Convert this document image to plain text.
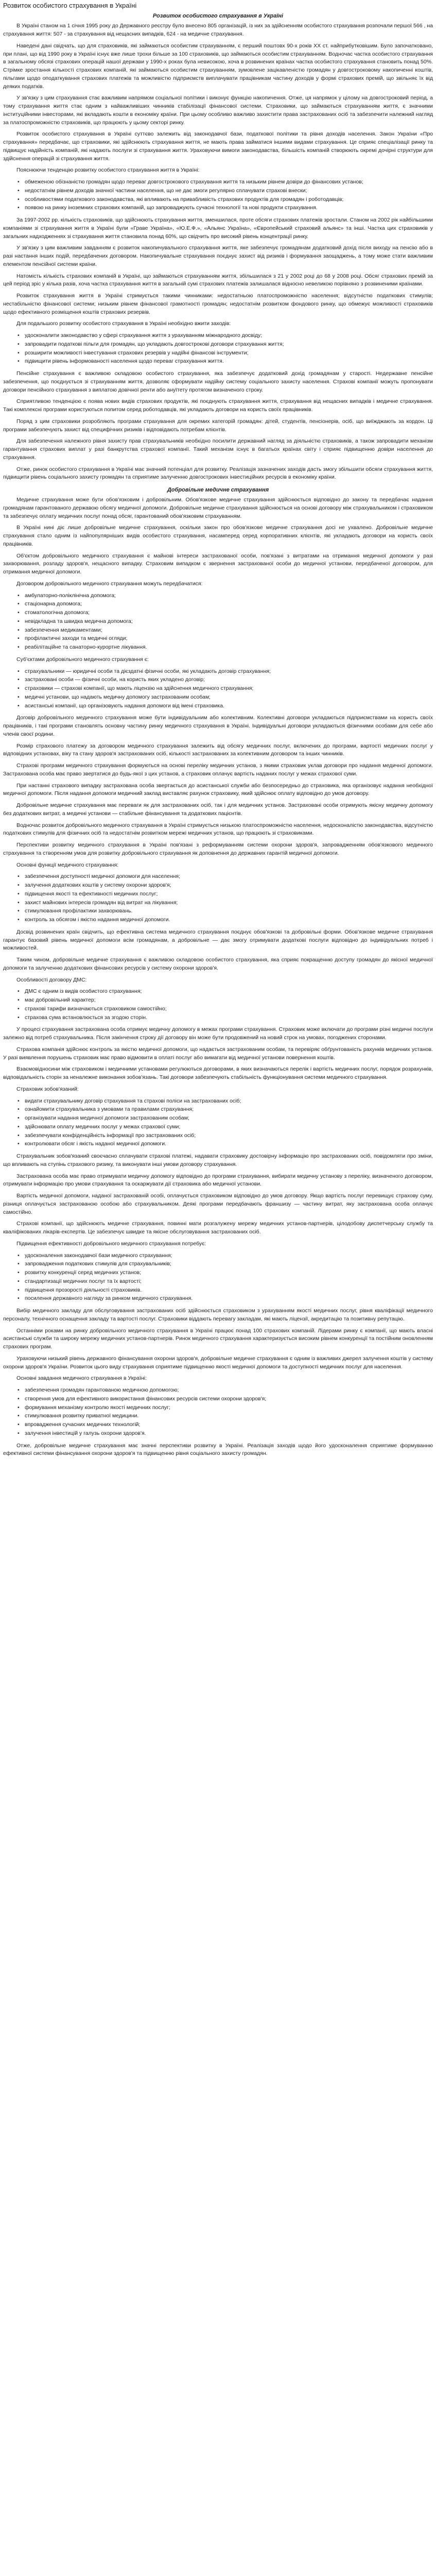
Розвиток особистого страхування в Україні
Розвиток особистого страхування в Україні

В Україні станом на 1 січня 1995 року до Державного реєстру було внесено 805 організацій, із них за здійсненням особистого страхування розпочали першої 566 , на страхування життя: 507 - за страхування від нещасних випадків, 624 - на медичне страхування.

Наведені дані свідчать, що для страховиків, які займаються особистим страхуванням, є перший поштовх 90-х років XX ст. найприбутковішим. Було започатковано, при плані, що від 1990 року в Україні існує вже лише трохи більше за 100 страховиків, що займаються особистим страхуванням. Водночас частка особистого страхування в загальному обсязі страхових операцій нашої держави у 1990-х роках була невисокою, хоча в розвинених країнах частка особистого страхування становить понад 50%. Стрімке зростання кількості страхових компаній, які займаються особистим страхуванням, зумовлене зацікавленістю громадян у довгостроковому накопиченні коштів, пільгами щодо оподаткування страхових платежів та можливістю підприємств виплачувати працівникам частину доходів у формі страхових премій, що звільняє їх від деяких податків.

У зв'язку з цим страхування стає важливим напрямом соціальної політики і виконує функцію накопичення. Отже, ця напрямок у цілому на довгостроковий період, а тому страхування життя стає одним з найважливіших чинників стабілізації фінансової системи. Страховики, що займаються страхуванням життя, є значними інституційними інвесторами, які вкладають кошти в економіку країни. При цьому особливо важливо захистити права застрахованих осіб та забезпечити належний нагляд за платоспроможністю страховиків, що працюють у цьому секторі ринку.

Розвиток особистого страхування в Україні суттєво залежить від законодавчої бази, податкової політики та рівня доходів населення. Закон України «Про страхування» передбачає, що страховики, які здійснюють страхування життя, не мають права займатися іншими видами страхування. Це сприяє спеціалізації ринку та підвищує надійність компаній, які надають послуги зі страхування життя. Ураховуючи вимоги законодавства, більшість компаній створюють окремі дочірні структури для здійснення операцій зі страхування життя.

Пояснюючи тенденцію розвитку особистого страхування життя в Україні:

• обмеженою обізнаністю громадян щодо переваг довгострокового страхування життя та низьким рівнем довіри до фінансових установ;
• недостатнім рівнем доходів значної частини населення, що не дає змоги регулярно сплачувати страхові внески;
• особливостями податкового законодавства, які впливають на привабливість страхових продуктів для громадян і роботодавців;
• появою на ринку іноземних страхових компаній, що запроваджують сучасні технології та нові продукти страхування.

За 1997-2002 рр. кількість страховиків, що здійснюють страхування життя, зменшилася, проте обсяги страхових платежів зростали. Станом на 2002 рік найбільшими компаніями зі страхування життя в Україні були «Граве Україна», «Ю.Е.Ф.», «Альянс Україна», «Європейський страховий альянс» та інші. Частка цих страховиків у загальних надходженнях зі страхування життя становила понад 60%, що свідчить про високий рівень концентрації ринку.

У зв'язку з цим важливим завданням є розвиток накопичувального страхування життя, яке забезпечує громадянам додатковий дохід після виходу на пенсію або в разі настання інших подій, передбачених договором. Накопичувальне страхування поєднує захист від ризиків і формування заощаджень, а тому може стати важливим елементом пенсійної системи країни.

Натомість кількість страхових компаній в Україні, що займаються страхуванням життя, збільшилася з 21 у 2002 році до 68 у 2008 році. Обсяг страхових премій за цей період зріс у кілька разів, хоча частка страхування життя в загальній сумі страхових платежів залишалася відносно невеликою порівняно з розвиненими країнами.

Розвиток страхування життя в Україні стримується такими чинниками: недостатньою платоспроможністю населення; відсутністю податкових стимулів; нестабільністю фінансової системи; низьким рівнем фінансової грамотності громадян; недостатнім розвитком фондового ринку, що обмежує можливості страховиків щодо ефективного розміщення коштів страхових резервів.

Для подальшого розвитку особистого страхування в Україні необхідно вжити заходів:

• удосконалити законодавство у сфері страхування життя з урахуванням міжнародного досвіду;
• запровадити податкові пільги для громадян, що укладають довгострокові договори страхування життя;
• розширити можливості інвестування страхових резервів у надійні фінансові інструменти;
• підвищити рівень інформованості населення щодо переваг страхування життя.

Пенсійне страхування є важливою складовою особистого страхування, яка забезпечує додатковий дохід громадянам у старості. Недержавне пенсійне забезпечення, що поєднується зі страхуванням життя, дозволяє сформувати надійну систему соціального захисту населення. Страхові компанії можуть пропонувати договори пенсійного страхування з виплатою довічної ренти або ануїтету протягом визначеного строку.

Сприятливою тенденцією є поява нових видів страхових продуктів, які поєднують страхування життя, страхування від нещасних випадків і медичне страхування. Такі комплексні програми користуються попитом серед роботодавців, які укладають договори на користь своїх працівників.

Поряд з цим страховики розробляють програми страхування для окремих категорій громадян: дітей, студентів, пенсіонерів, осіб, що виїжджають за кордон. Ці програми забезпечують захист від специфічних ризиків і відповідають потребам клієнтів.

Для забезпечення належного рівня захисту прав страхувальників необхідно посилити державний нагляд за діяльністю страховиків, а також запровадити механізм гарантування страхових виплат у разі банкрутства страхової компанії. Такий механізм існує в багатьох країнах світу і сприяє підвищенню довіри населення до страхування.

Отже, ринок особистого страхування в Україні має значний потенціал для розвитку. Реалізація зазначених заходів дасть змогу збільшити обсяги страхування життя, підвищити рівень соціального захисту громадян та сприятиме залученню довгострокових інвестиційних ресурсів в економіку країни.

Добровільне медичне страхування

Медичне страхування може бути обов'язковим і добровільним. Обов'язкове медичне страхування здійснюється відповідно до закону та передбачає надання громадянам гарантованого державою обсягу медичної допомоги. Добровільне медичне страхування здійснюється на основі договору між страхувальником і страховиком та забезпечує оплату медичних послуг понад обсяг, гарантований обов'язковим страхуванням.

В Україні нині діє лише добровільне медичне страхування, оскільки закон про обов'язкове медичне страхування досі не ухвалено. Добровільне медичне страхування стало одним із найпопулярніших видів особистого страхування, насамперед серед корпоративних клієнтів, які укладають договори на користь своїх працівників.

Об'єктом добровільного медичного страхування є майнові інтереси застрахованої особи, пов'язані з витратами на отримання медичної допомоги у разі захворювання, розладу здоров'я, нещасного випадку. Страховим випадком є звернення застрахованої особи до медичної установи, передбаченої договором, для отримання медичної допомоги.

Договором добровільного медичного страхування можуть передбачатися:

• амбулаторно-поліклінічна допомога;
• стаціонарна допомога;
• стоматологічна допомога;
• невідкладна та швидка медична допомога;
• забезпечення медикаментами;
• профілактичні заходи та медичні огляди;
• реабілітаційне та санаторно-курортне лікування.

Суб'єктами добровільного медичного страхування є:

• страхувальники — юридичні особи та дієздатні фізичні особи, які укладають договір страхування;
• застраховані особи — фізичні особи, на користь яких укладено договір;
• страховики — страхові компанії, що мають ліцензію на здійснення медичного страхування;
• медичні установи, що надають медичну допомогу застрахованим особам;
• асистанські компанії, що організовують надання допомоги від імені страховика.

Договір добровільного медичного страхування може бути індивідуальним або колективним. Колективні договори укладаються підприємствами на користь своїх працівників, і такі програми становлять основну частину ринку медичного страхування в Україні. Індивідуальні договори укладаються фізичними особами для себе або членів своєї родини.

Розмір страхового платежу за договором медичного страхування залежить від обсягу медичних послуг, включених до програми, вартості медичних послуг у відповідних установах, віку та стану здоров'я застрахованих осіб, кількості застрахованих за колективним договором та інших чинників.

Страхові програми медичного страхування формуються на основі переліку медичних установ, з якими страховик уклав договори про надання медичної допомоги. Застрахована особа має право звертатися до будь-якої з цих установ, а страховик оплачує вартість наданих послуг у межах страхової суми.

При настанні страхового випадку застрахована особа звертається до асистанської служби або безпосередньо до страховика, яка організовує надання необхідної медичної допомоги. Після надання допомоги медичний заклад виставляє рахунок страховику, який здійснює оплату відповідно до умов договору.

Добровільне медичне страхування має переваги як для застрахованих осіб, так і для медичних установ. Застраховані особи отримують якісну медичну допомогу без додаткових витрат, а медичні установи — стабільне фінансування та додаткових пацієнтів.

Водночас розвиток добровільного медичного страхування в Україні стримується низькою платоспроможністю населення, недосконалістю законодавства, відсутністю податкових стимулів для фізичних осіб та недостатнім розвитком мережі медичних установ, що працюють зі страховиками.

Перспективи розвитку медичного страхування в Україні пов'язані з реформуванням системи охорони здоров'я, запровадженням обов'язкового медичного страхування та створенням умов для розвитку добровільного страхування як доповнення до державних гарантій медичної допомоги.

Основні функції медичного страхування:

• забезпечення доступності медичної допомоги для населення;
• залучення додаткових коштів у систему охорони здоров'я;
• підвищення якості та ефективності медичних послуг;
• захист майнових інтересів громадян від витрат на лікування;
• стимулювання профілактики захворювань.
• контроль за обсягом і якістю надання медичної допомоги.

Досвід розвинених країн свідчить, що ефективна система медичного страхування поєднує обов'язкові та добровільні форми. Обов'язкове медичне страхування гарантує базовий рівень медичної допомоги всім громадянам, а добровільне — дає змогу отримувати додаткові послуги відповідно до індивідуальних потреб і можливостей.

Таким чином, добровільне медичне страхування є важливою складовою особистого страхування, яка сприяє покращенню доступу громадян до якісної медичної допомоги та залученню додаткових фінансових ресурсів у систему охорони здоров'я.

Особливості договору ДМС:

• ДМС є одним із видів особистого страхування;
• має добровільний характер;
• страхові тарифи визначаються страховиком самостійно;
• страхова сума встановлюється за згодою сторін.

У процесі страхування застрахована особа отримує медичну допомогу в межах програми страхування. Страховик може включати до програми різні медичні послуги залежно від потреб страхувальника. Після закінчення строку дії договору він може бути продовжений на новий строк на умовах, погоджених сторонами.

Страхова компанія здійснює контроль за якістю медичної допомоги, що надається застрахованим особам, та перевіряє обґрунтованість рахунків медичних установ. У разі виявлення порушень страховик має право відмовити в оплаті послуг або вимагати від медичної установи повернення коштів.

Взаємовідносини між страховиком і медичними установами регулюються договорами, в яких визначаються перелік і вартість медичних послуг, порядок розрахунків, відповідальність сторін за неналежне виконання зобов'язань. Такі договори забезпечують стабільність функціонування системи медичного страхування.

Страховик зобов'язаний:

• видати страхувальнику договір страхування та страхові поліси на застрахованих осіб;
• ознайомити страхувальника з умовами та правилами страхування;
• організувати надання медичної допомоги застрахованим особам;
• здійснювати оплату медичних послуг у межах страхової суми;
• забезпечувати конфіденційність інформації про застрахованих осіб;
• контролювати обсяг і якість наданої медичної допомоги.

Страхувальник зобов'язаний своєчасно сплачувати страхові платежі, надавати страховику достовірну інформацію про застрахованих осіб, повідомляти про зміни, що впливають на ступінь страхового ризику, та виконувати інші умови договору страхування.

Застрахована особа має право отримувати медичну допомогу відповідно до програми страхування, вибирати медичну установу з переліку, визначеного договором, отримувати інформацію про умови страхування та оскаржувати дії страховика або медичної установи.

Вартість медичної допомоги, наданої застрахованій особі, оплачується страховиком відповідно до умов договору. Якщо вартість послуг перевищує страхову суму, різниця оплачується застрахованою особою або страхувальником. Деякі програми передбачають франшизу — частину витрат, яку застрахована особа оплачує самостійно.

Страхові компанії, що здійснюють медичне страхування, повинні мати розгалужену мережу медичних установ-партнерів, цілодобову диспетчерську службу та кваліфікованих лікарів-експертів. Це забезпечує швидке та якісне обслуговування застрахованих осіб.

Підвищення ефективності добровільного медичного страхування потребує:

• удосконалення законодавчої бази медичного страхування;
• запровадження податкових стимулів для страхувальників;
• розвитку конкуренції серед медичних установ;
• стандартизації медичних послуг та їх вартості;
• підвищення прозорості діяльності страховиків.
• посилення державного нагляду за ринком медичного страхування.

Вибір медичного закладу для обслуговування застрахованих осіб здійснюється страховиком з урахуванням якості медичних послуг, рівня кваліфікації медичного персоналу, технічного оснащення закладу та вартості послуг. Страховики віддають перевагу закладам, які мають ліцензії, акредитацію та позитивну репутацію.

Останніми роками на ринку добровільного медичного страхування в Україні працює понад 100 страхових компаній. Лідерами ринку є компанії, що мають власні асистанські служби та широку мережу медичних установ-партнерів. Ринок медичного страхування характеризується високим рівнем конкуренції та постійним оновленням страхових програм.

Ураховуючи низький рівень державного фінансування охорони здоров'я, добровільне медичне страхування є одним із важливих джерел залучення коштів у систему охорони здоров'я України. Розвиток цього виду страхування сприятиме підвищенню якості медичної допомоги та доступності медичних послуг для населення.

Основні завдання медичного страхування в Україні:

• забезпечення громадян гарантованою медичною допомогою;
• створення умов для ефективного використання фінансових ресурсів системи охорони здоров'я;
• формування механізму контролю якості медичних послуг;
• стимулювання розвитку приватної медицини.
• впровадження сучасних медичних технологій;
• залучення інвестицій у галузь охорони здоров'я.

Отже, добровільне медичне страхування має значні перспективи розвитку в Україні. Реалізація заходів щодо його удосконалення сприятиме формуванню ефективної системи фінансування охорони здоров'я та підвищенню рівня соціального захисту громадян.
